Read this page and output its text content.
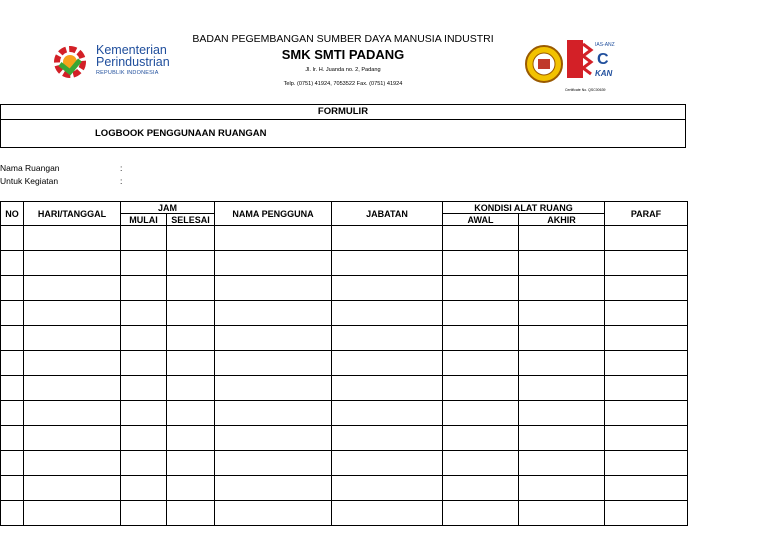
Kementerian
Perindustrian
REPUBLIK INDONESIA
BADAN PEGEMBANGAN SUMBER DAYA MANUSIA INDUSTRI
SMK SMTI PADANG
Jl. Ir. H. Juanda no. 2, Padang
Telp. (0751) 41924, 7053522 Fax. (0751) 41924
IAS-ANZ
C
KAN
Certificate No. QSC00639
FORMULIR
LOGBOOK PENGGUNAAN RUANGAN
Nama Ruangan	:
Untuk Kegiatan	:
NO	HARI/TANGGAL	JAM		NAMA PENGGUNA	JABATAN	KONDISI ALAT RUANG		PARAF
		MULAI	SELESAI			AWAL	AKHIR	
